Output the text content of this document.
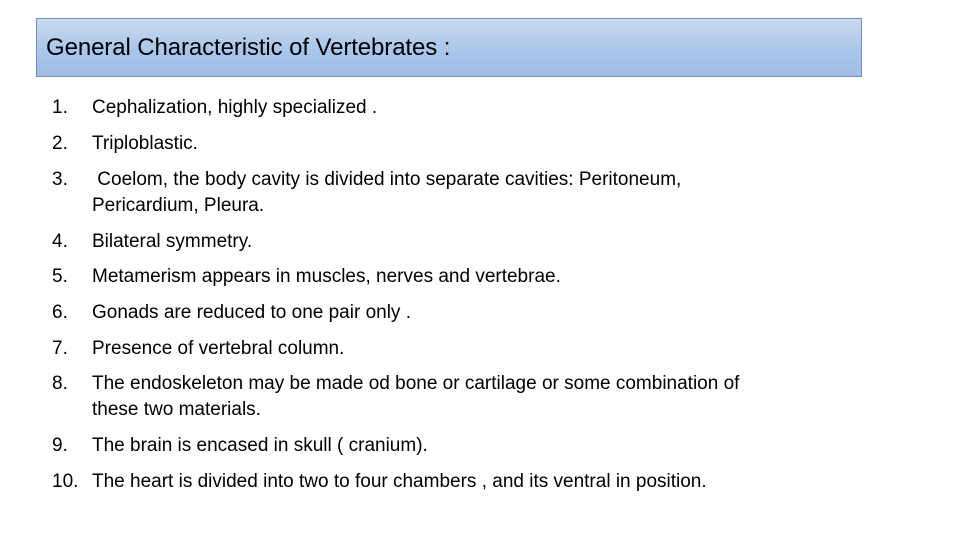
General Characteristic of Vertebrates :
1.	Cephalization, highly specialized .
2.	Triploblastic.
3.	Coelom, the body cavity is divided into separate cavities: Peritoneum,
Pericardium, Pleura.
4.	Bilateral symmetry.
5.	Metamerism appears in muscles, nerves and vertebrae.
6.	Gonads are reduced to one pair only .
7.	Presence of vertebral column.
8.	The endoskeleton may be made od bone or cartilage or some combination of
these two materials.
9.	The brain is encased in skull ( cranium).
10. The heart is divided into two to four chambers , and its ventral in position.
